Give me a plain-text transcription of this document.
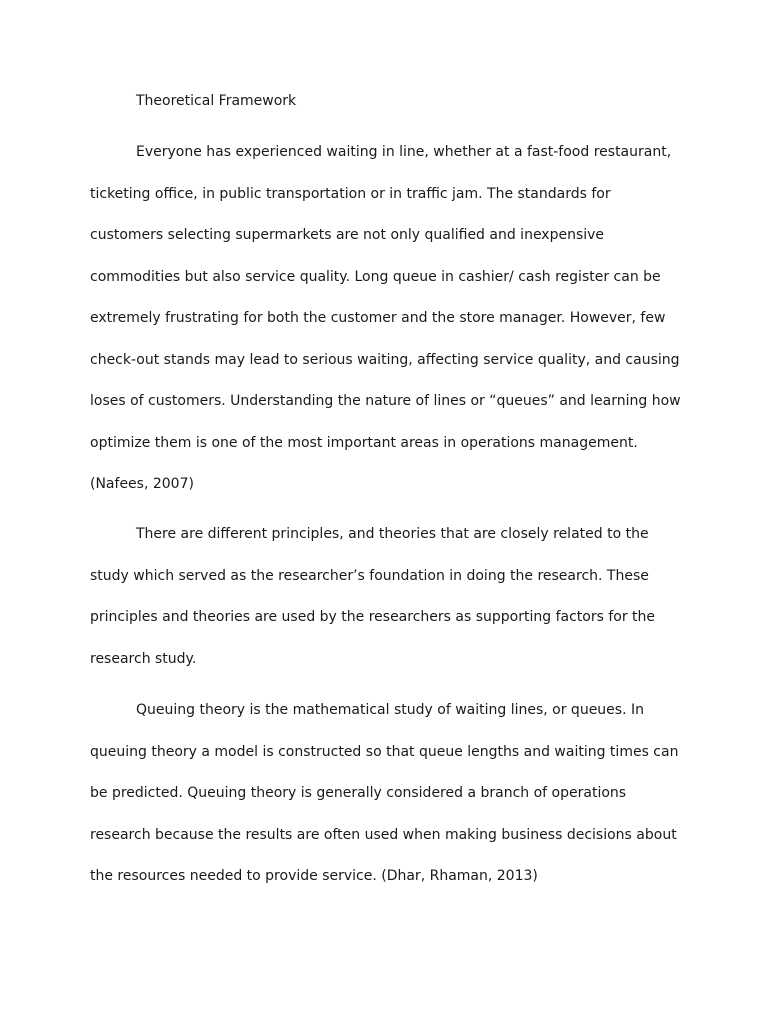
Theoretical Framework
Everyone has experienced waiting in line, whether at a fast-food restaurant,
ticketing office, in public transportation or in traffic jam. The standards for
customers selecting supermarkets are not only qualified and inexpensive
commodities but also service quality. Long queue in cashier/ cash register can be
extremely frustrating for both the customer and the store manager. However, few
check-out stands may lead to serious waiting, affecting service quality, and causing
loses of customers. Understanding the nature of lines or “queues” and learning how
optimize them is one of the most important areas in operations management.
(Nafees, 2007)
There are different principles, and theories that are closely related to the
study which served as the researcher’s foundation in doing the research. These
principles and theories are used by the researchers as supporting factors for the
research study.
Queuing theory is the mathematical study of waiting lines, or queues. In
queuing theory a model is constructed so that queue lengths and waiting times can
be predicted. Queuing theory is generally considered a branch of operations
research because the results are often used when making business decisions about
the resources needed to provide service. (Dhar, Rhaman, 2013)
